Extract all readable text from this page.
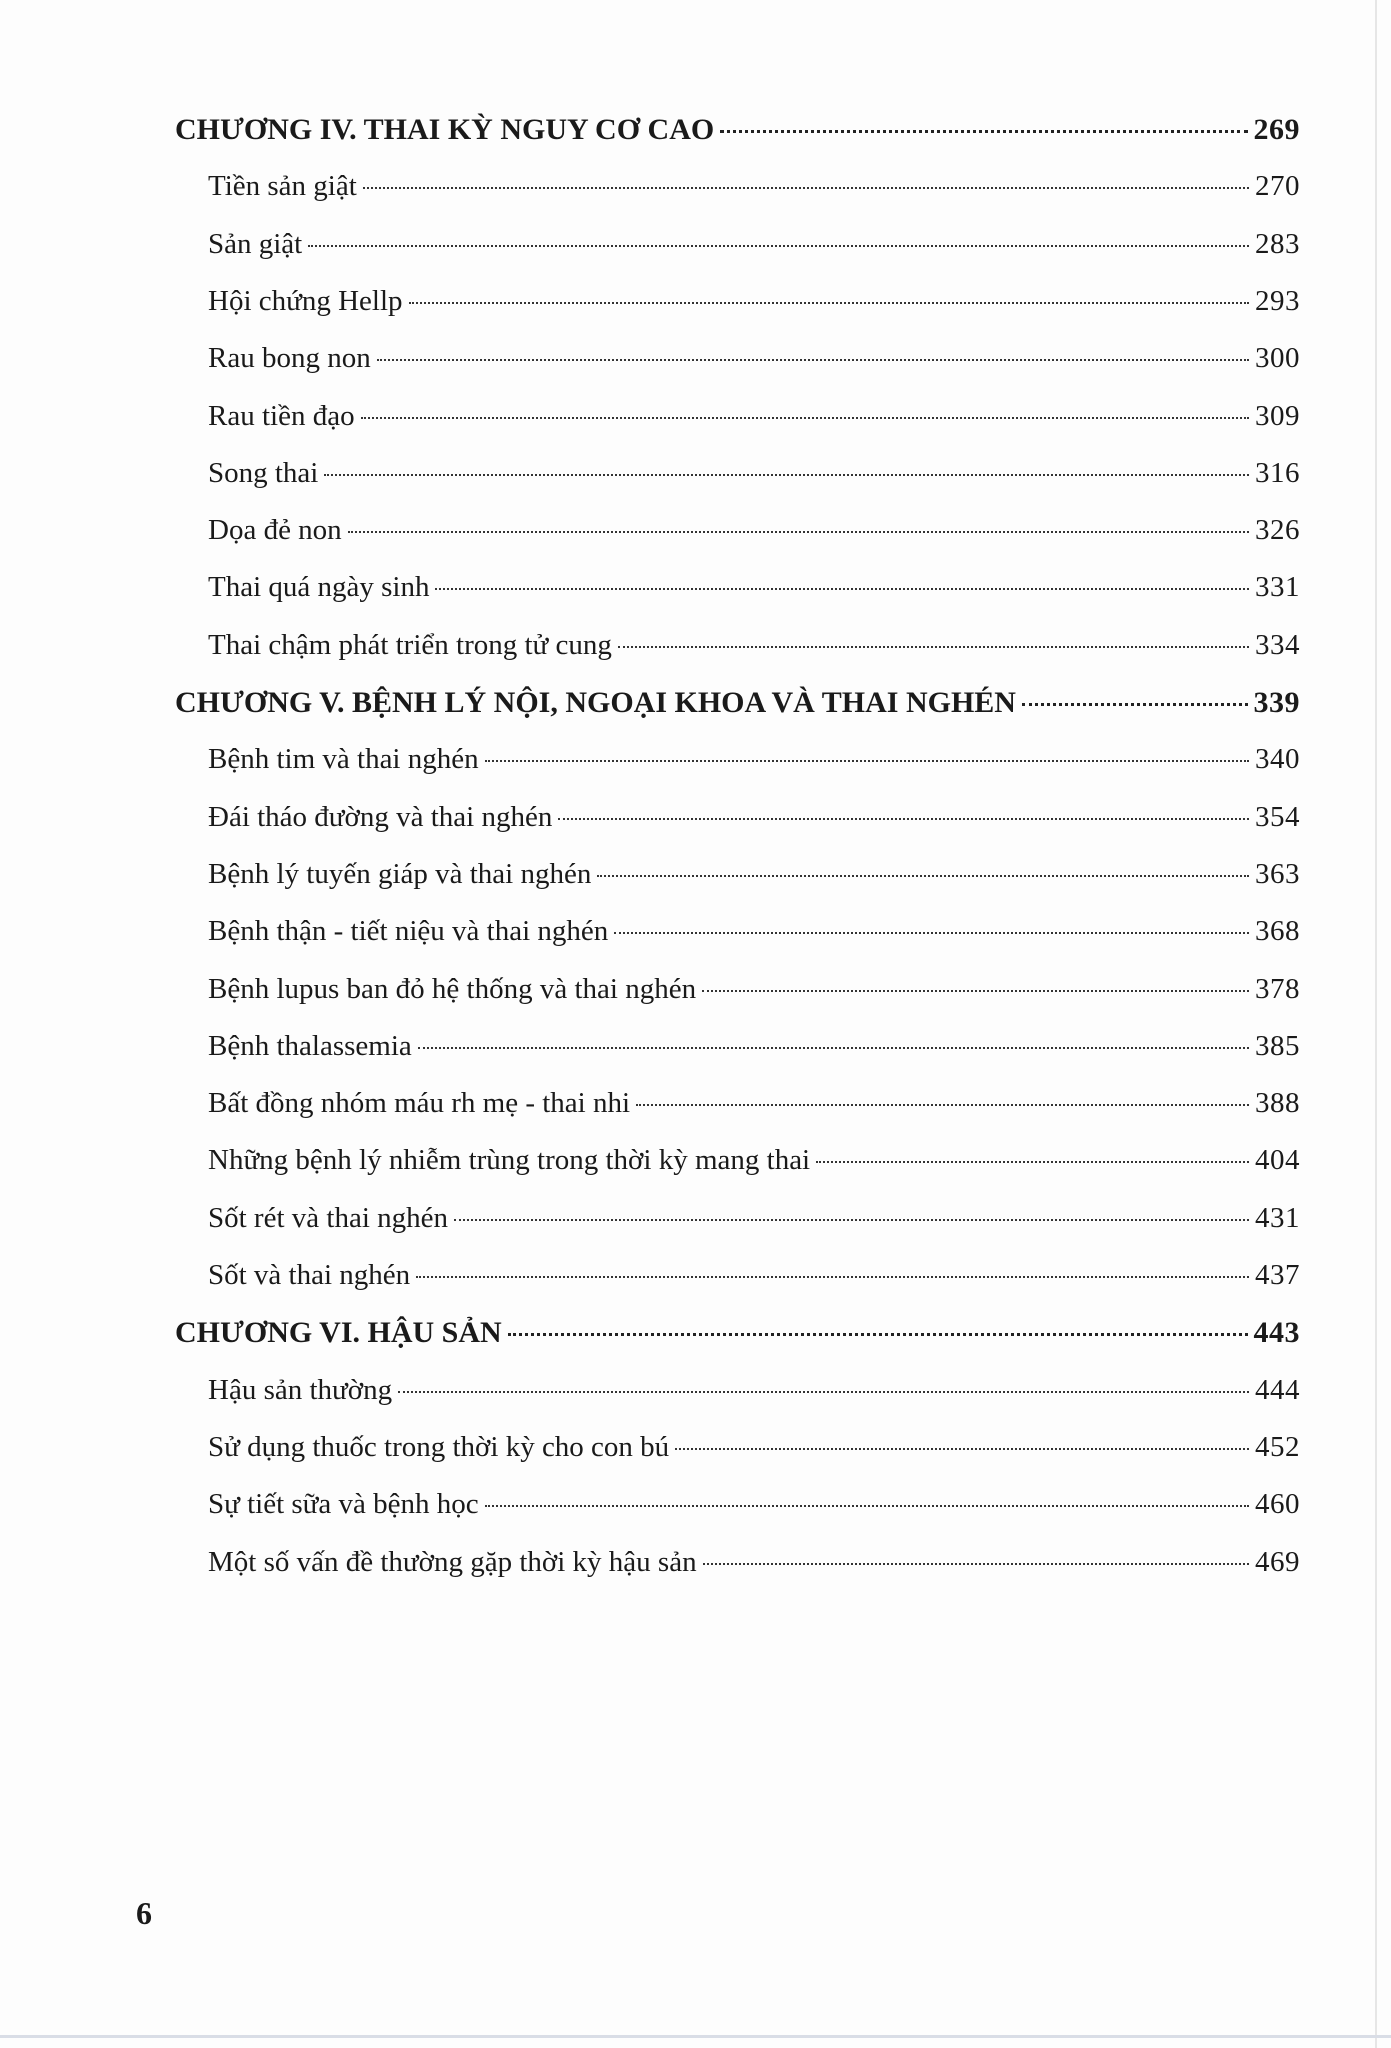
CHƯƠNG IV. THAI KỲ NGUY CƠ CAO	269
Tiền sản giật	270
Sản giật	283
Hội chứng Hellp	293
Rau bong non	300
Rau tiền đạo	309
Song thai	316
Dọa đẻ non	326
Thai quá ngày sinh	331
Thai chậm phát triển trong tử cung	334
CHƯƠNG V. BỆNH LÝ NỘI, NGOẠI KHOA VÀ THAI NGHÉN	339
Bệnh tim và thai nghén	340
Đái tháo đường và thai nghén	354
Bệnh lý tuyến giáp và thai nghén	363
Bệnh thận - tiết niệu và thai nghén	368
Bệnh lupus ban đỏ hệ thống và thai nghén	378
Bệnh thalassemia	385
Bất đồng nhóm máu rh mẹ - thai nhi	388
Những bệnh lý nhiễm trùng trong thời kỳ mang thai	404
Sốt rét và thai nghén	431
Sốt và thai nghén	437
CHƯƠNG VI. HẬU SẢN	443
Hậu sản thường	444
Sử dụng thuốc trong thời kỳ cho con bú	452
Sự tiết sữa và bệnh học	460
Một số vấn đề thường gặp thời kỳ hậu sản	469
6
